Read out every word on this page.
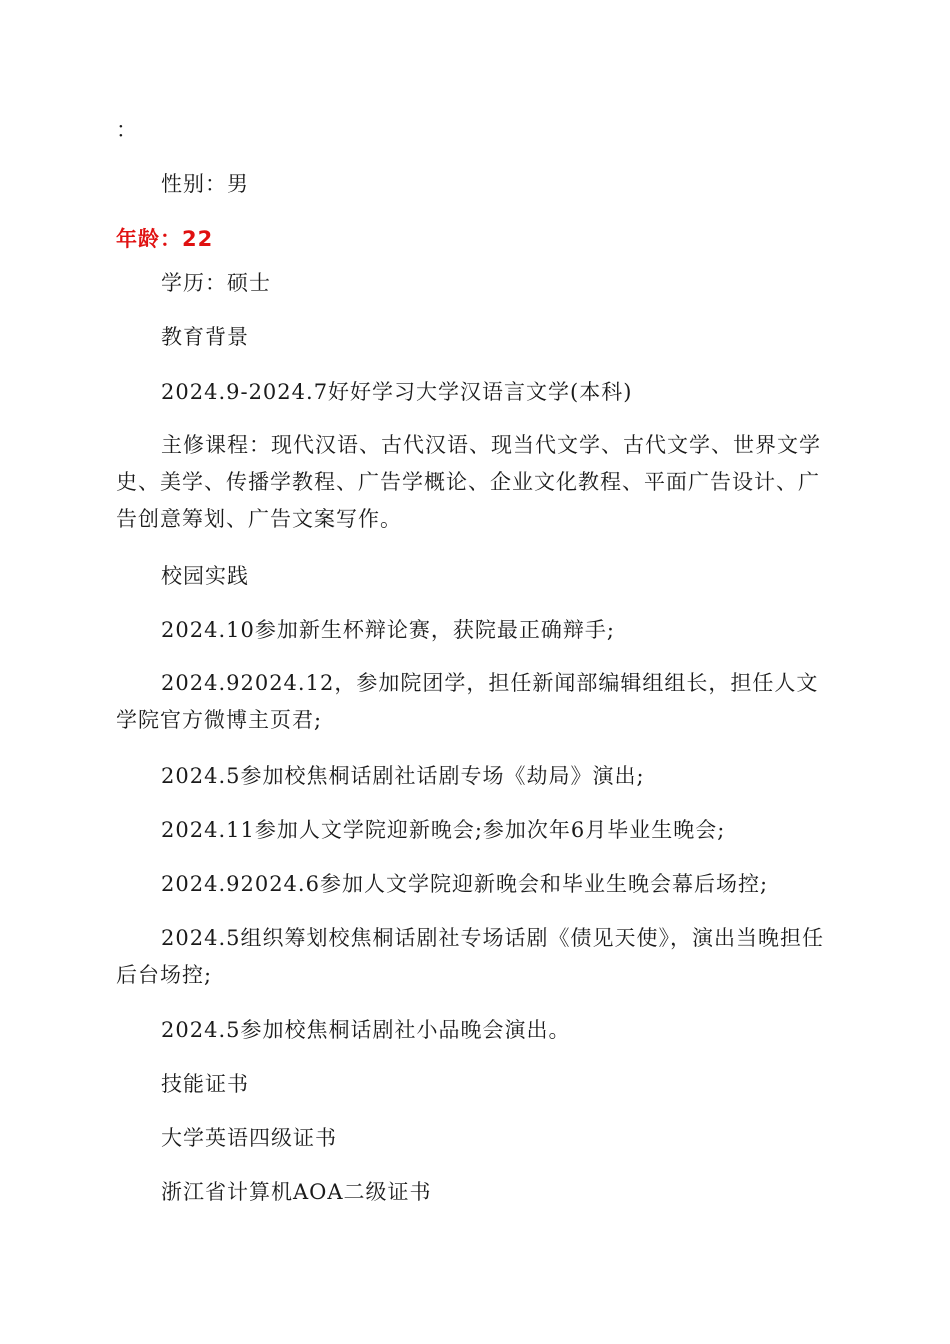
：
性别：男
年龄：22
学历：硕士
教育背景
2024.9-2024.7好好学习大学汉语言文学(本科)
主修课程：现代汉语、古代汉语、现当代文学、古代文学、世界文学史、美学、传播学教程、广告学概论、企业文化教程、平面广告设计、广告创意筹划、广告文案写作。
校园实践
2024.10参加新生杯辩论赛，获院最正确辩手;
2024.92024.12，参加院团学，担任新闻部编辑组组长，担任人文学院官方微博主页君;
2024.5参加校焦桐话剧社话剧专场《劫局》演出;
2024.11参加人文学院迎新晚会;参加次年6月毕业生晚会;
2024.92024.6参加人文学院迎新晚会和毕业生晚会幕后场控;
2024.5组织筹划校焦桐话剧社专场话剧《债见天使》，演出当晚担任后台场控;
2024.5参加校焦桐话剧社小品晚会演出。
技能证书
大学英语四级证书
浙江省计算机AOA二级证书
